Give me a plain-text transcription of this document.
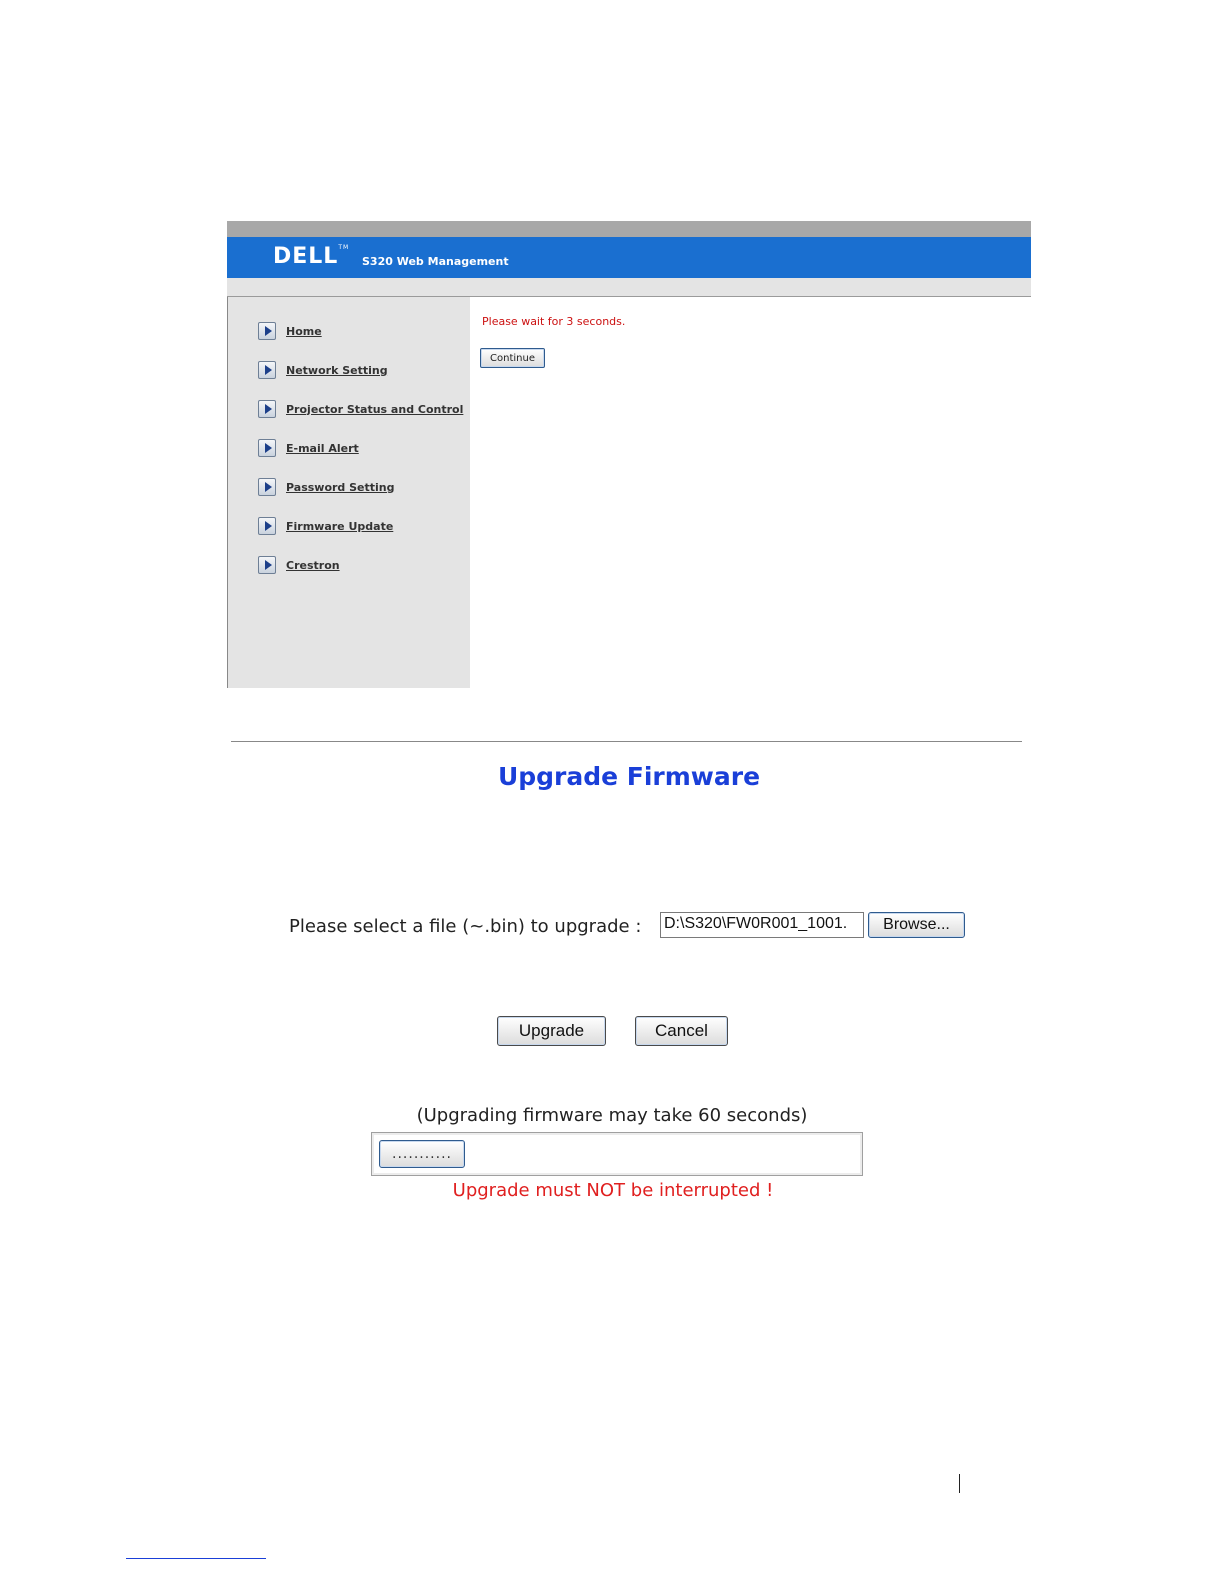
DELL™
S320 Web Management
Home
Network Setting
Projector Status and Control
E-mail Alert
Password Setting
Firmware Update
Crestron
Please wait for 3 seconds.
Continue
Upgrade Firmware
Please select a file (~.bin) to upgrade : D:\S320\FW0R001_1001.	Browse...
Upgrade	Cancel
(Upgrading firmware may take 60 seconds)
...........
Upgrade must NOT be interrupted !
